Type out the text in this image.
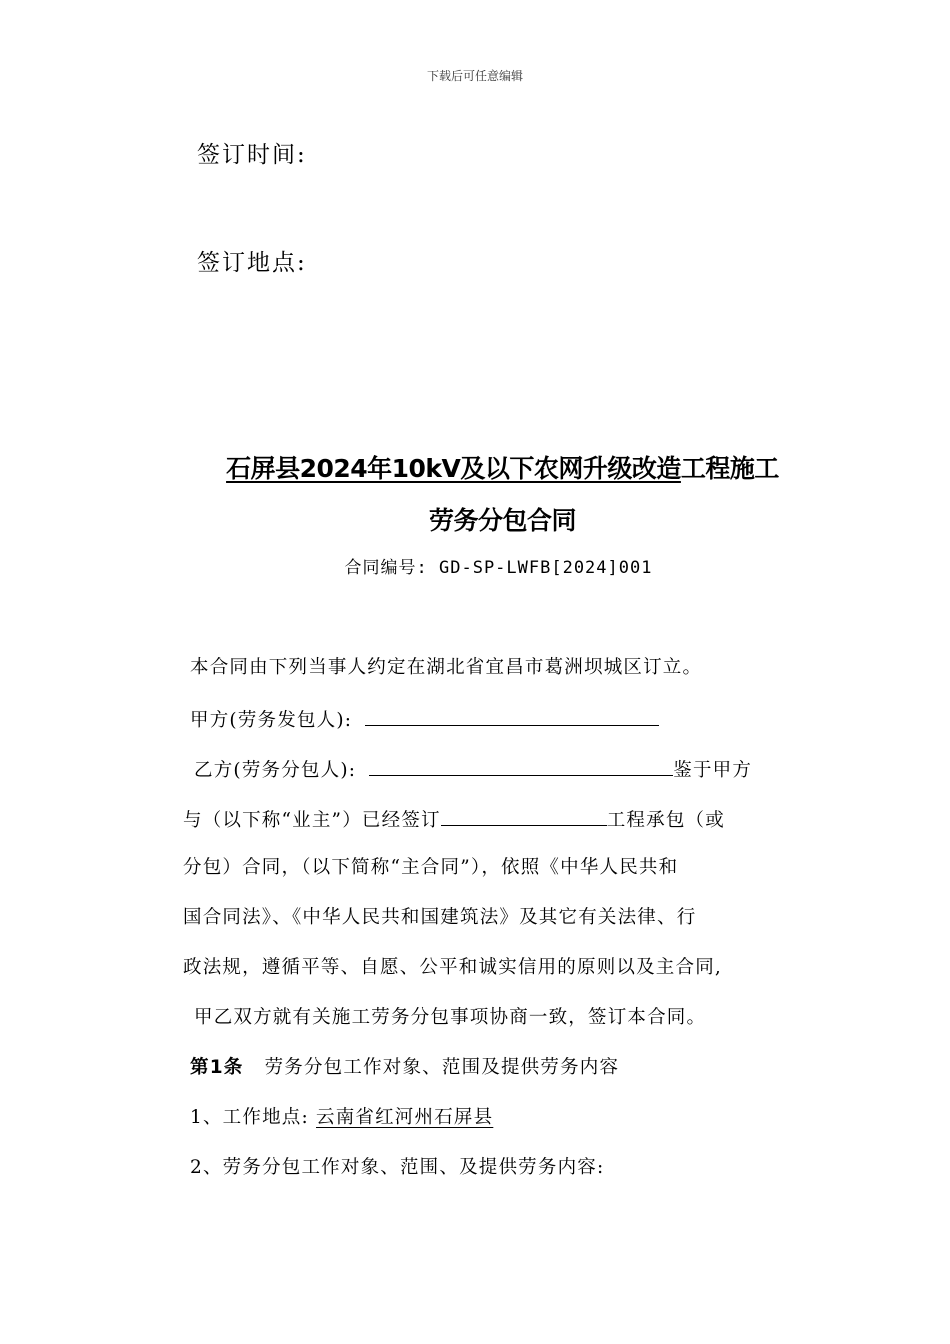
下载后可任意编辑
签订时间:
签订地点:
石屏县2024年10kV及以下农网升级改造工程施工
劳务分包合同
合同编号: GD-SP-LWFB[2024]001
本合同由下列当事人约定在湖北省宜昌市葛洲坝城区订立。
甲方(劳务发包人):
乙方(劳务分包人):	鉴于甲方
与（以下称“业主”）已经签订	工程承包（或
分包）合同，（以下简称“主合同”），依照《中华人民共和
国合同法》、《中华人民共和国建筑法》及其它有关法律、行
政法规，遵循平等、自愿、公平和诚实信用的原则以及主合同,
甲乙双方就有关施工劳务分包事项协商一致，签订本合同。
第1条 劳务分包工作对象、范围及提供劳务内容
1、工作地点: 云南省红河州石屏县
2、劳务分包工作对象、范围、及提供劳务内容:
